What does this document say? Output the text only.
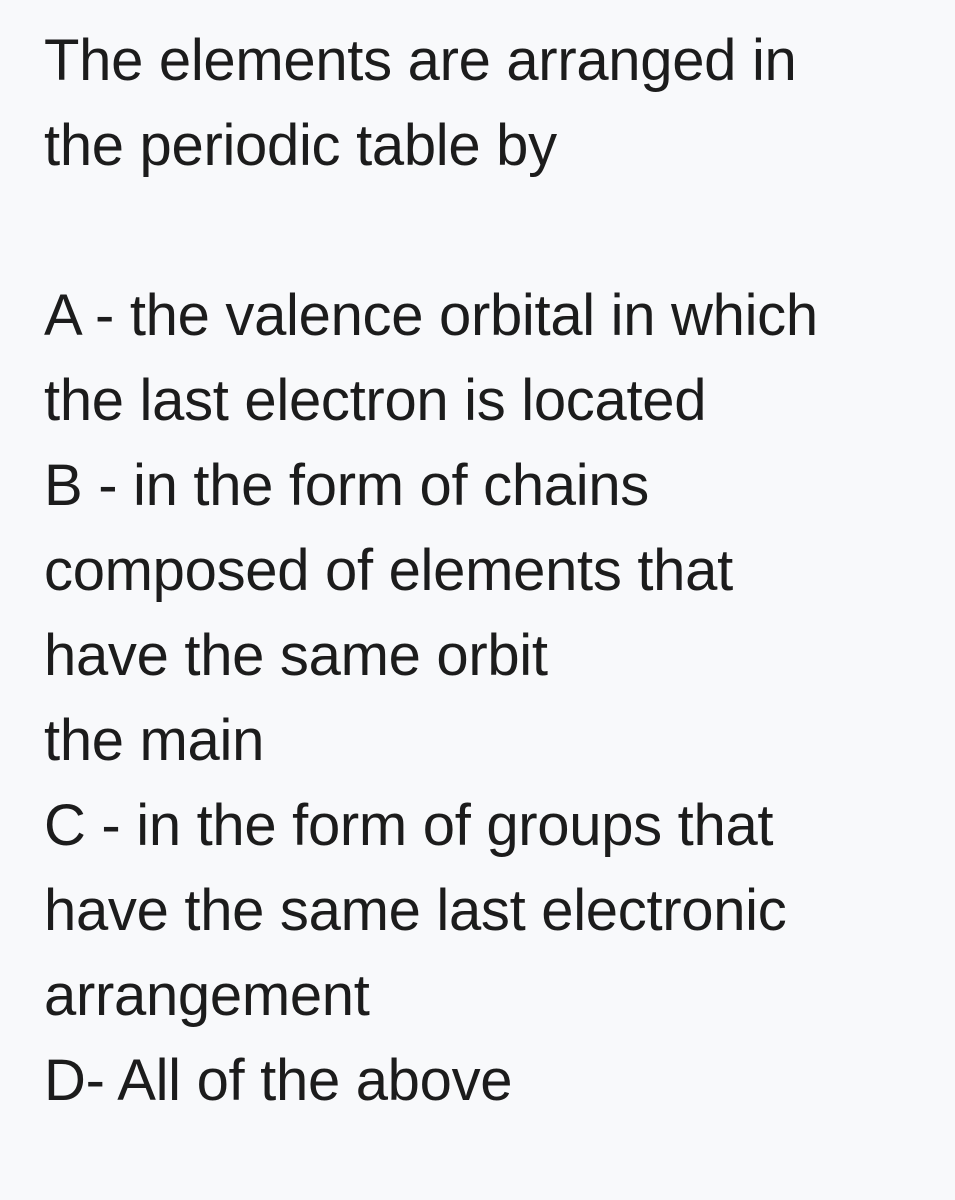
The elements are arranged in
the periodic table by
A - the valence orbital in which
the last electron is located
B - in the form of chains
composed of elements that
have the same orbit
the main
C - in the form of groups that
have the same last electronic
arrangement
D- All of the above
